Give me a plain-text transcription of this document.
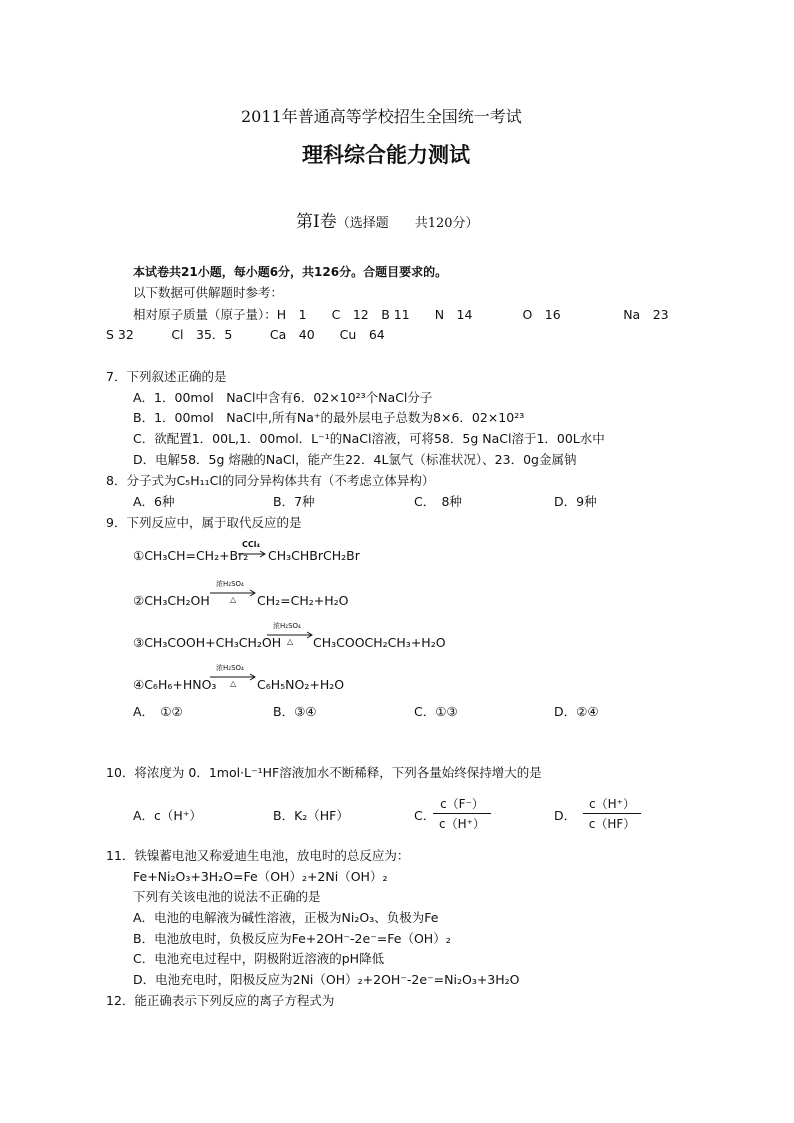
2011年普通高等学校招生全国统一考试
理科综合能力测试
第Ⅰ卷（选择题　　共120分）
本试卷共21小题，每小题6分，共126分。合题目要求的。
以下数据可供解题时参考：
相对原子质量（原子量）：H　1　　C　12　B 11　　N　14　　　　O　16　　　　　Na　23
S 32　　　Cl　35．5　　　Ca　40　　Cu　64
7．下列叙述正确的是
A．1．00mol　NaCl中含有6．02×10²³个NaCl分子
B．1．00mol　NaCl中,所有Na⁺的最外层电子总数为8×6．02×10²³
C．欲配置1．00L,1．00mol．L⁻¹的NaCl溶液，可将58．5g NaCl溶于1．00L水中
D．电解58．5g 熔融的NaCl，能产生22．4L氯气（标准状况）、23．0g金属钠
8．分子式为C₅H₁₁Cl的同分异构体共有（不考虑立体异构）
A．6种	B．7种	C．　8种	D．9种
9．下列反应中，属于取代反应的是
①CH₃CH=CH₂+Br₂
CCl₄
→ CH₃CHBrCH₂Br
②CH₃CH₂OH
浓H₂SO₄
△ CH₂=CH₂+H₂O
③CH₃COOH+CH₃CH₂OH
浓H₂SO₄
△ CH₃COOCH₂CH₃+H₂O
④C₆H₆+HNO₃
浓H₂SO₄
△ C₆H₅NO₂+H₂O
A．　①②	B．③④	C．①③	D．②④
10．将浓度为 0．1mol·L⁻¹HF溶液加水不断稀释，下列各量始终保持增大的是
A．c（H⁺）	B．K₂（HF）	C．
c（F⁻）
c（H⁺）
D．
c（H⁺）
c（HF）
11．铁镍蓄电池又称爱迪生电池，放电时的总反应为：
Fe+Ni₂O₃+3H₂O=Fe（OH）₂+2Ni（OH）₂
下列有关该电池的说法不正确的是
A．电池的电解液为碱性溶液，正极为Ni₂O₃、负极为Fe
B．电池放电时，负极反应为Fe+2OH⁻-2e⁻=Fe（OH）₂
C．电池充电过程中，阴极附近溶液的pH降低
D．电池充电时，阳极反应为2Ni（OH）₂+2OH⁻-2e⁻=Ni₂O₃+3H₂O
12．能正确表示下列反应的离子方程式为
